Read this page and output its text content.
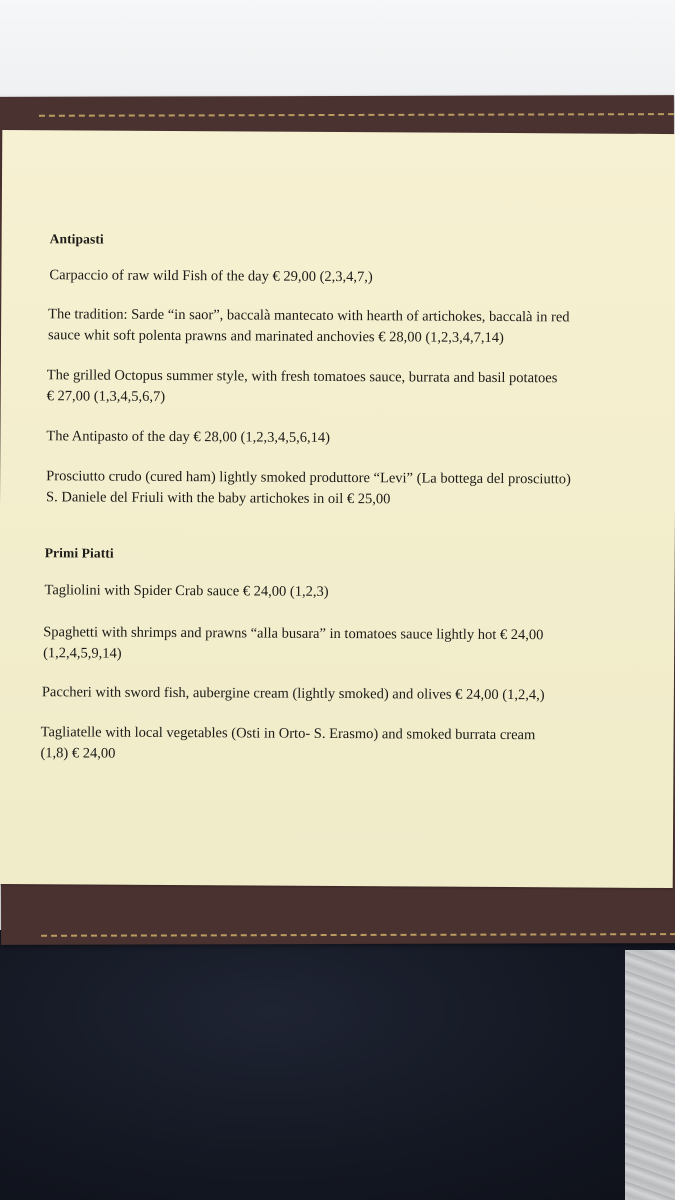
Antipasti
Carpaccio of raw wild Fish of the day € 29,00 (2,3,4,7,)
The tradition: Sarde “in saor”, baccalà mantecato with hearth of artichokes, baccalà in red
sauce whit soft polenta prawns and marinated anchovies € 28,00 (1,2,3,4,7,14)
The grilled Octopus summer style, with fresh tomatoes sauce, burrata and basil potatoes
€ 27,00 (1,3,4,5,6,7)
The Antipasto of the day € 28,00 (1,2,3,4,5,6,14)
Prosciutto crudo (cured ham) lightly smoked produttore “Levi” (La bottega del prosciutto)
S. Daniele del Friuli with the baby artichokes in oil € 25,00
Primi Piatti
Tagliolini with Spider Crab sauce € 24,00 (1,2,3)
Spaghetti with shrimps and prawns “alla busara” in tomatoes sauce lightly hot € 24,00
(1,2,4,5,9,14)
Paccheri with sword fish, aubergine cream (lightly smoked) and olives € 24,00 (1,2,4,)
Tagliatelle with local vegetables (Osti in Orto- S. Erasmo) and smoked burrata cream
(1,8) € 24,00
